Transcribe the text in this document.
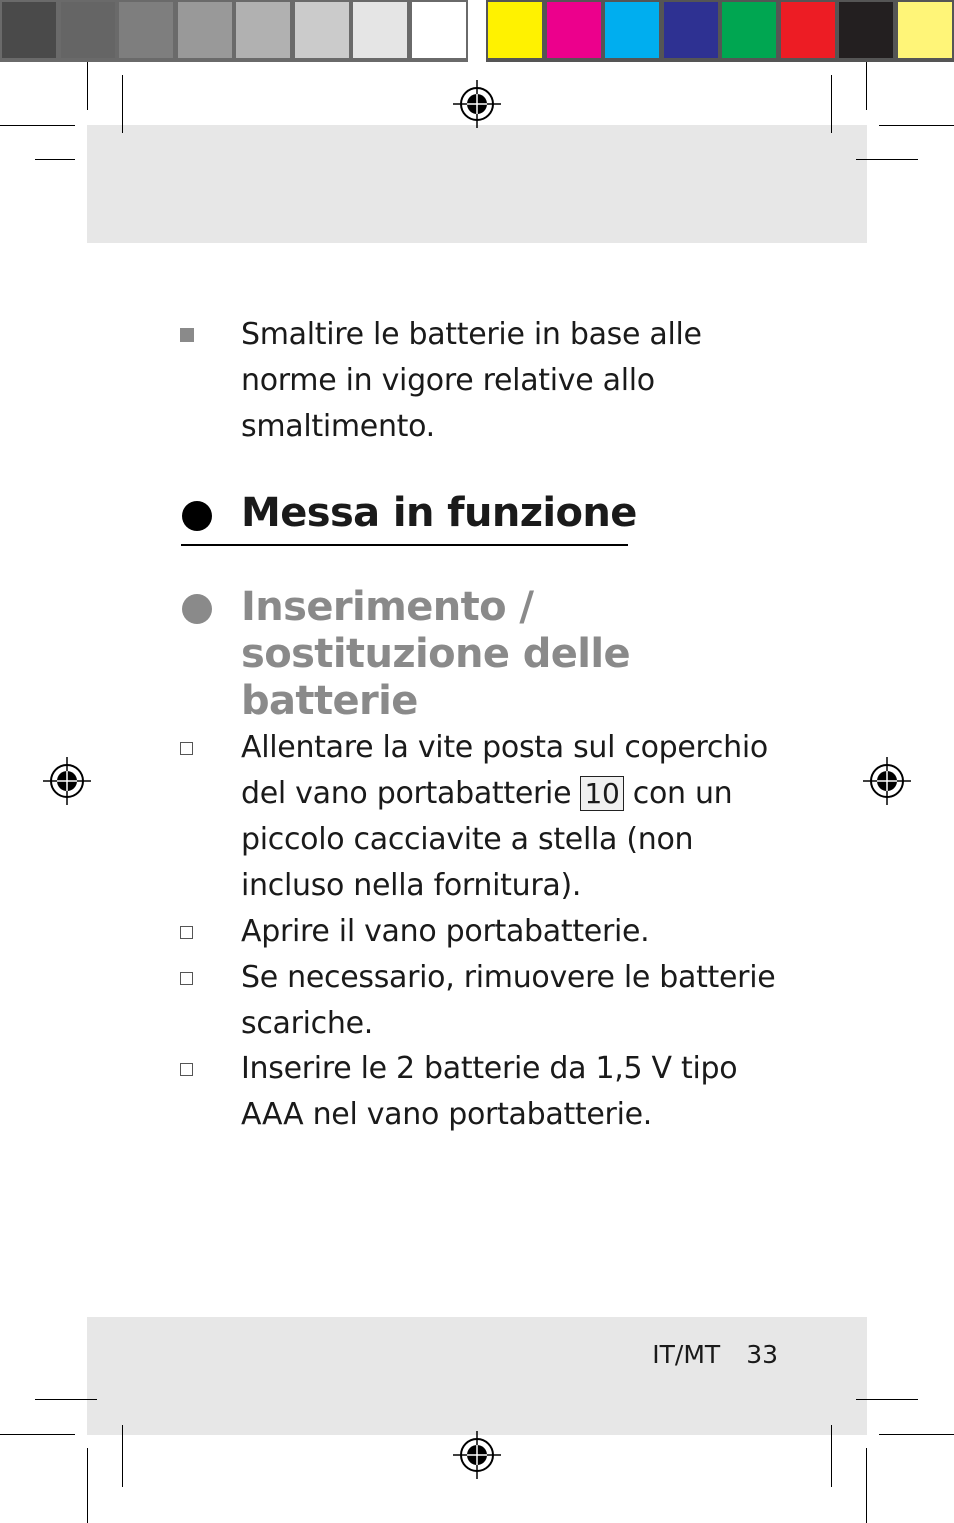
Smaltire le batterie in base alle norme in vigore relative allo smaltimento.
Messa in funzione
Inserimento / sostituzione delle batterie
Allentare la vite posta sul coperchio del vano portabatterie 10 con un piccolo cacciavite a stella (non incluso nella fornitura).
Aprire il vano portabatterie.
Se necessario, rimuovere le batterie scariche.
Inserire le 2 batterie da 1,5 V tipo AAA nel vano portabatterie.
IT/MT 33
